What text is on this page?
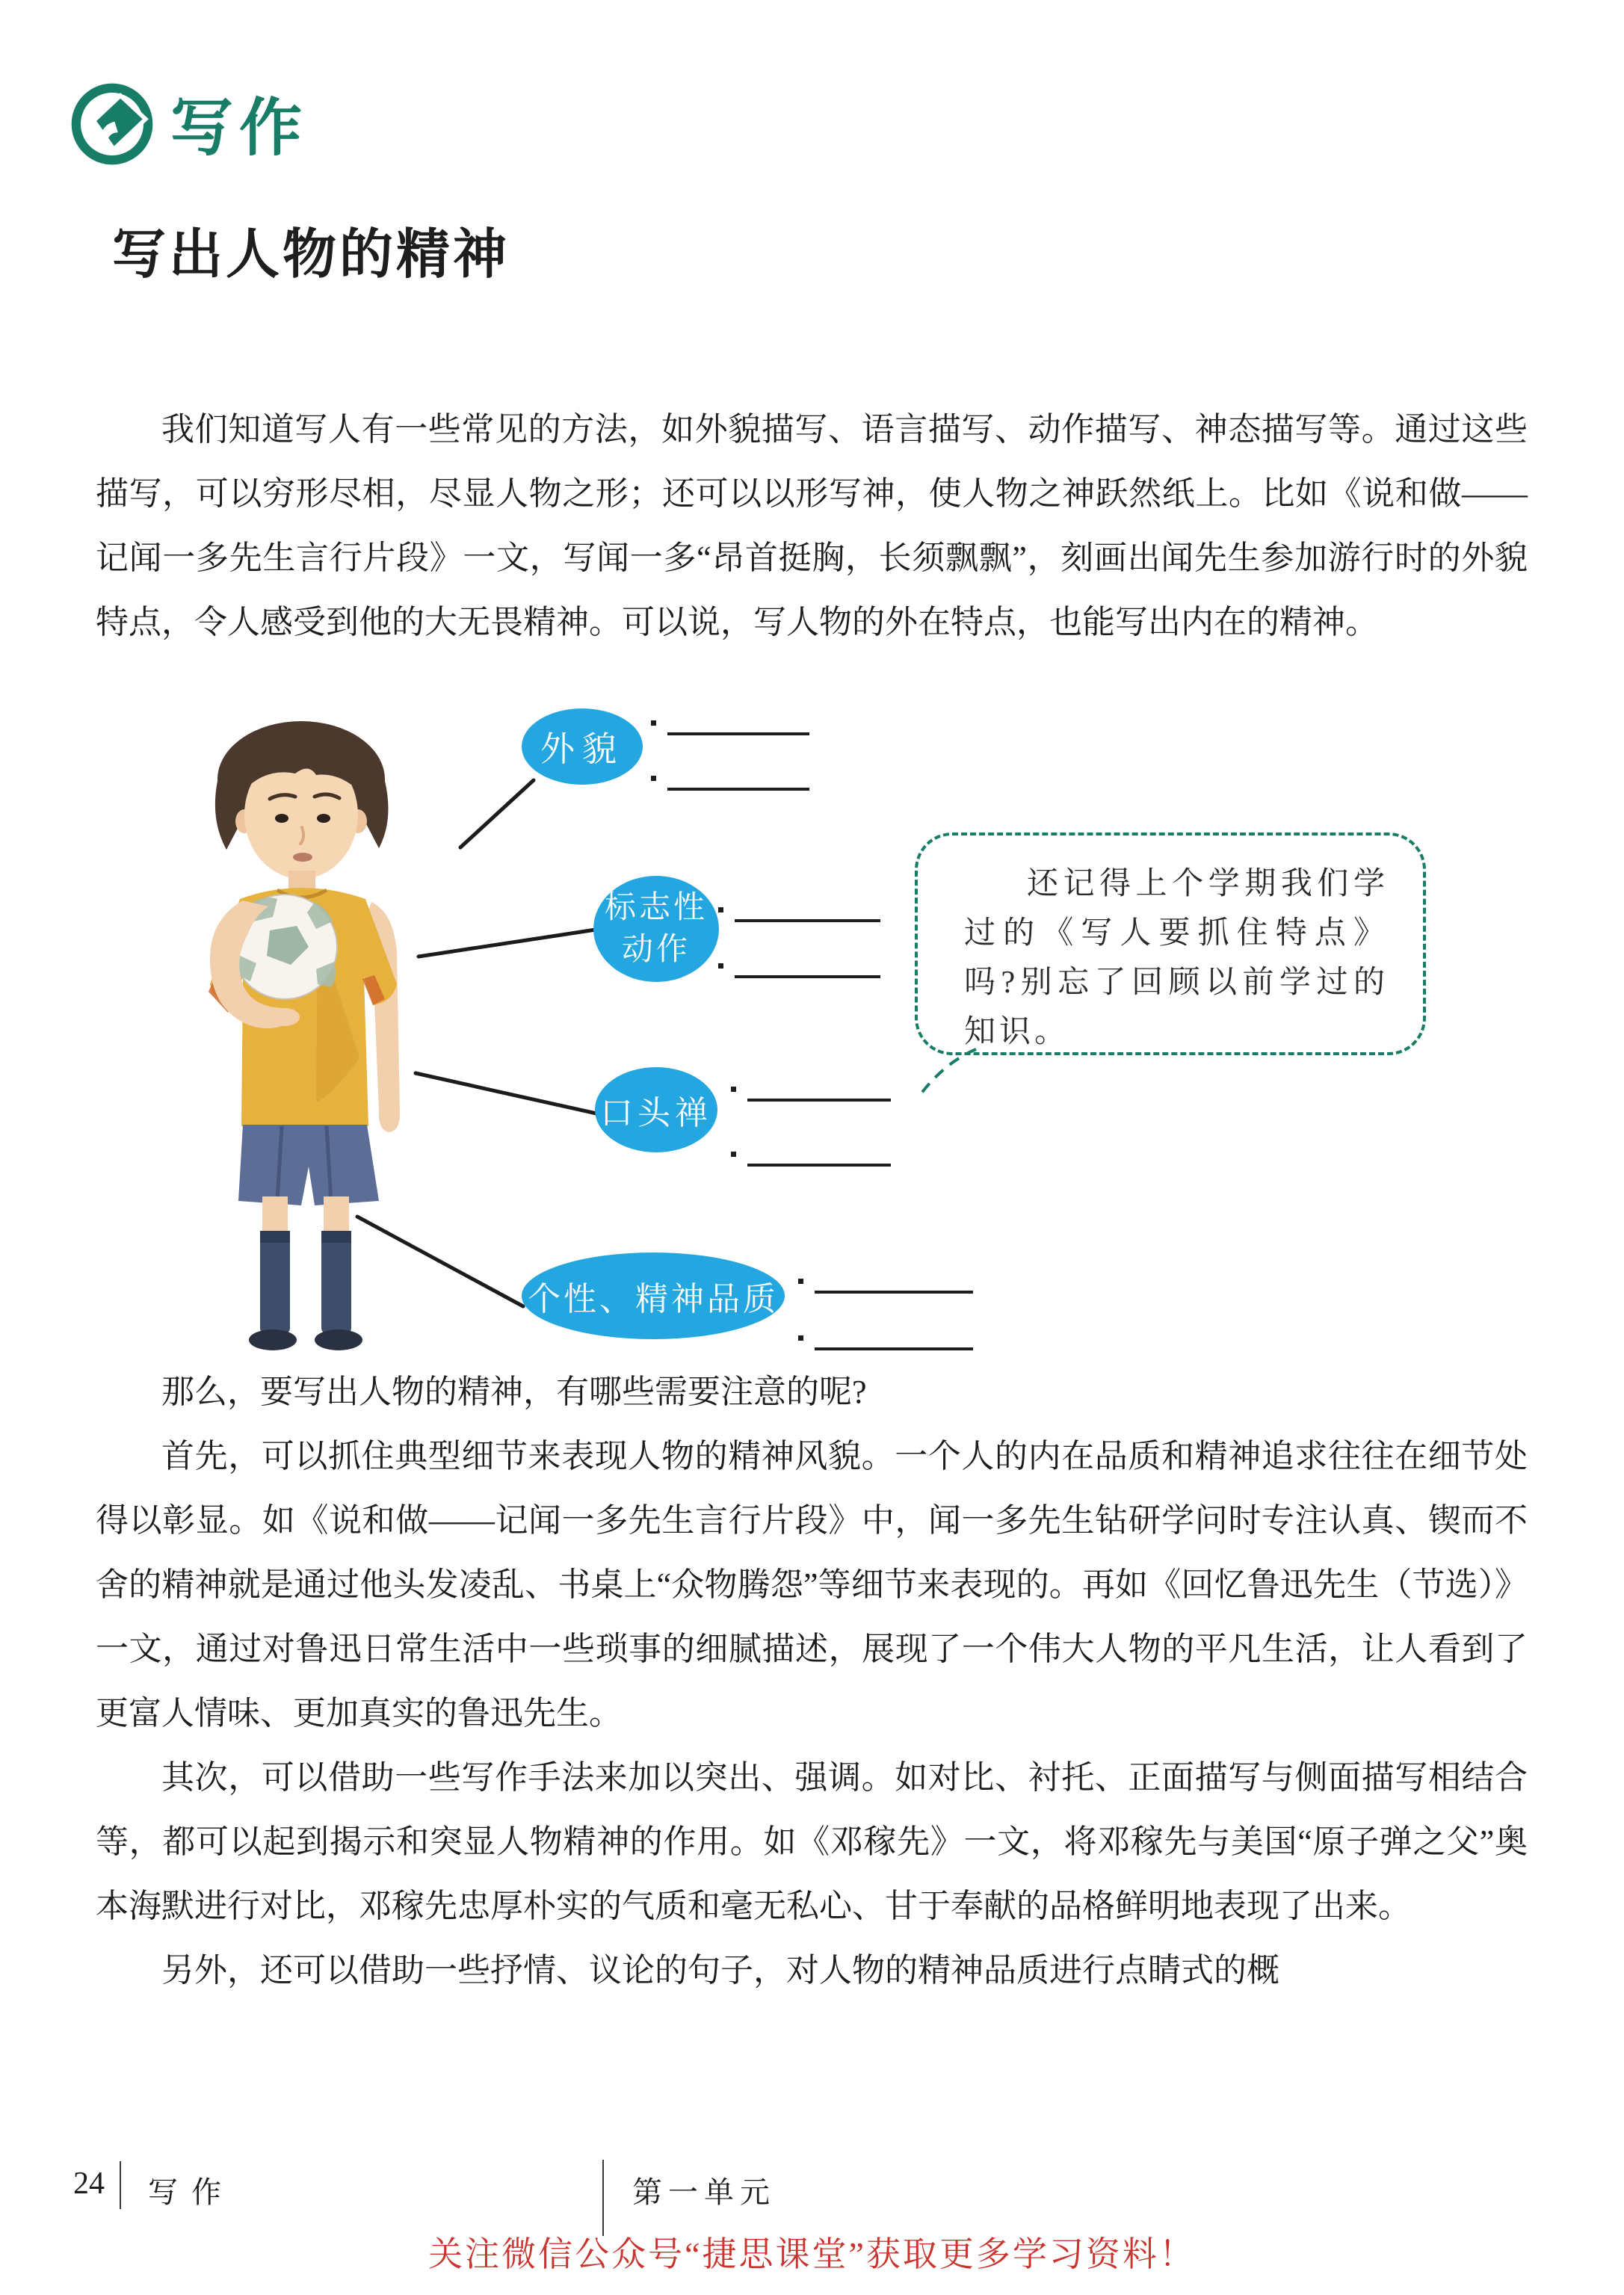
写作
写出人物的精神

我们知道写人有一些常见的方法，如外貌描写、语言描写、动作描写、神态描写等。通过这些描写，可以穷形尽相，尽显人物之形；还可以以形写神，使人物之神跃然纸上。比如《说和做——记闻一多先生言行片段》一文，写闻一多“昂首挺胸，长须飘飘”，刻画出闻先生参加游行时的外貌特点，令人感受到他的大无畏精神。可以说，写人物的外在特点，也能写出内在的精神。

外貌
标志性
动作
口头禅
个性、精神品质
还记得上个学期我们学过的《写人要抓住特点》吗?别忘了回顾以前学过的知识。

那么，要写出人物的精神，有哪些需要注意的呢?

首先，可以抓住典型细节来表现人物的精神风貌。一个人的内在品质和精神追求往往在细节处得以彰显。如《说和做——记闻一多先生言行片段》中，闻一多先生钻研学问时专注认真、锲而不舍的精神就是通过他头发凌乱、书桌上“众物腾怨”等细节来表现的。再如《回忆鲁迅先生（节选）》一文，通过对鲁迅日常生活中一些琐事的细腻描述，展现了一个伟大人物的平凡生活，让人看到了更富人情味、更加真实的鲁迅先生。

其次，可以借助一些写作手法来加以突出、强调。如对比、衬托、正面描写与侧面描写相结合等，都可以起到揭示和突显人物精神的作用。如《邓稼先》一文，将邓稼先与美国“原子弹之父”奥本海默进行对比，邓稼先忠厚朴实的气质和毫无私心、甘于奉献的品格鲜明地表现了出来。

另外，还可以借助一些抒情、议论的句子，对人物的精神品质进行点睛式的概

24 写作	第一单元
关注微信公众号“捷思课堂”获取更多学习资料！
